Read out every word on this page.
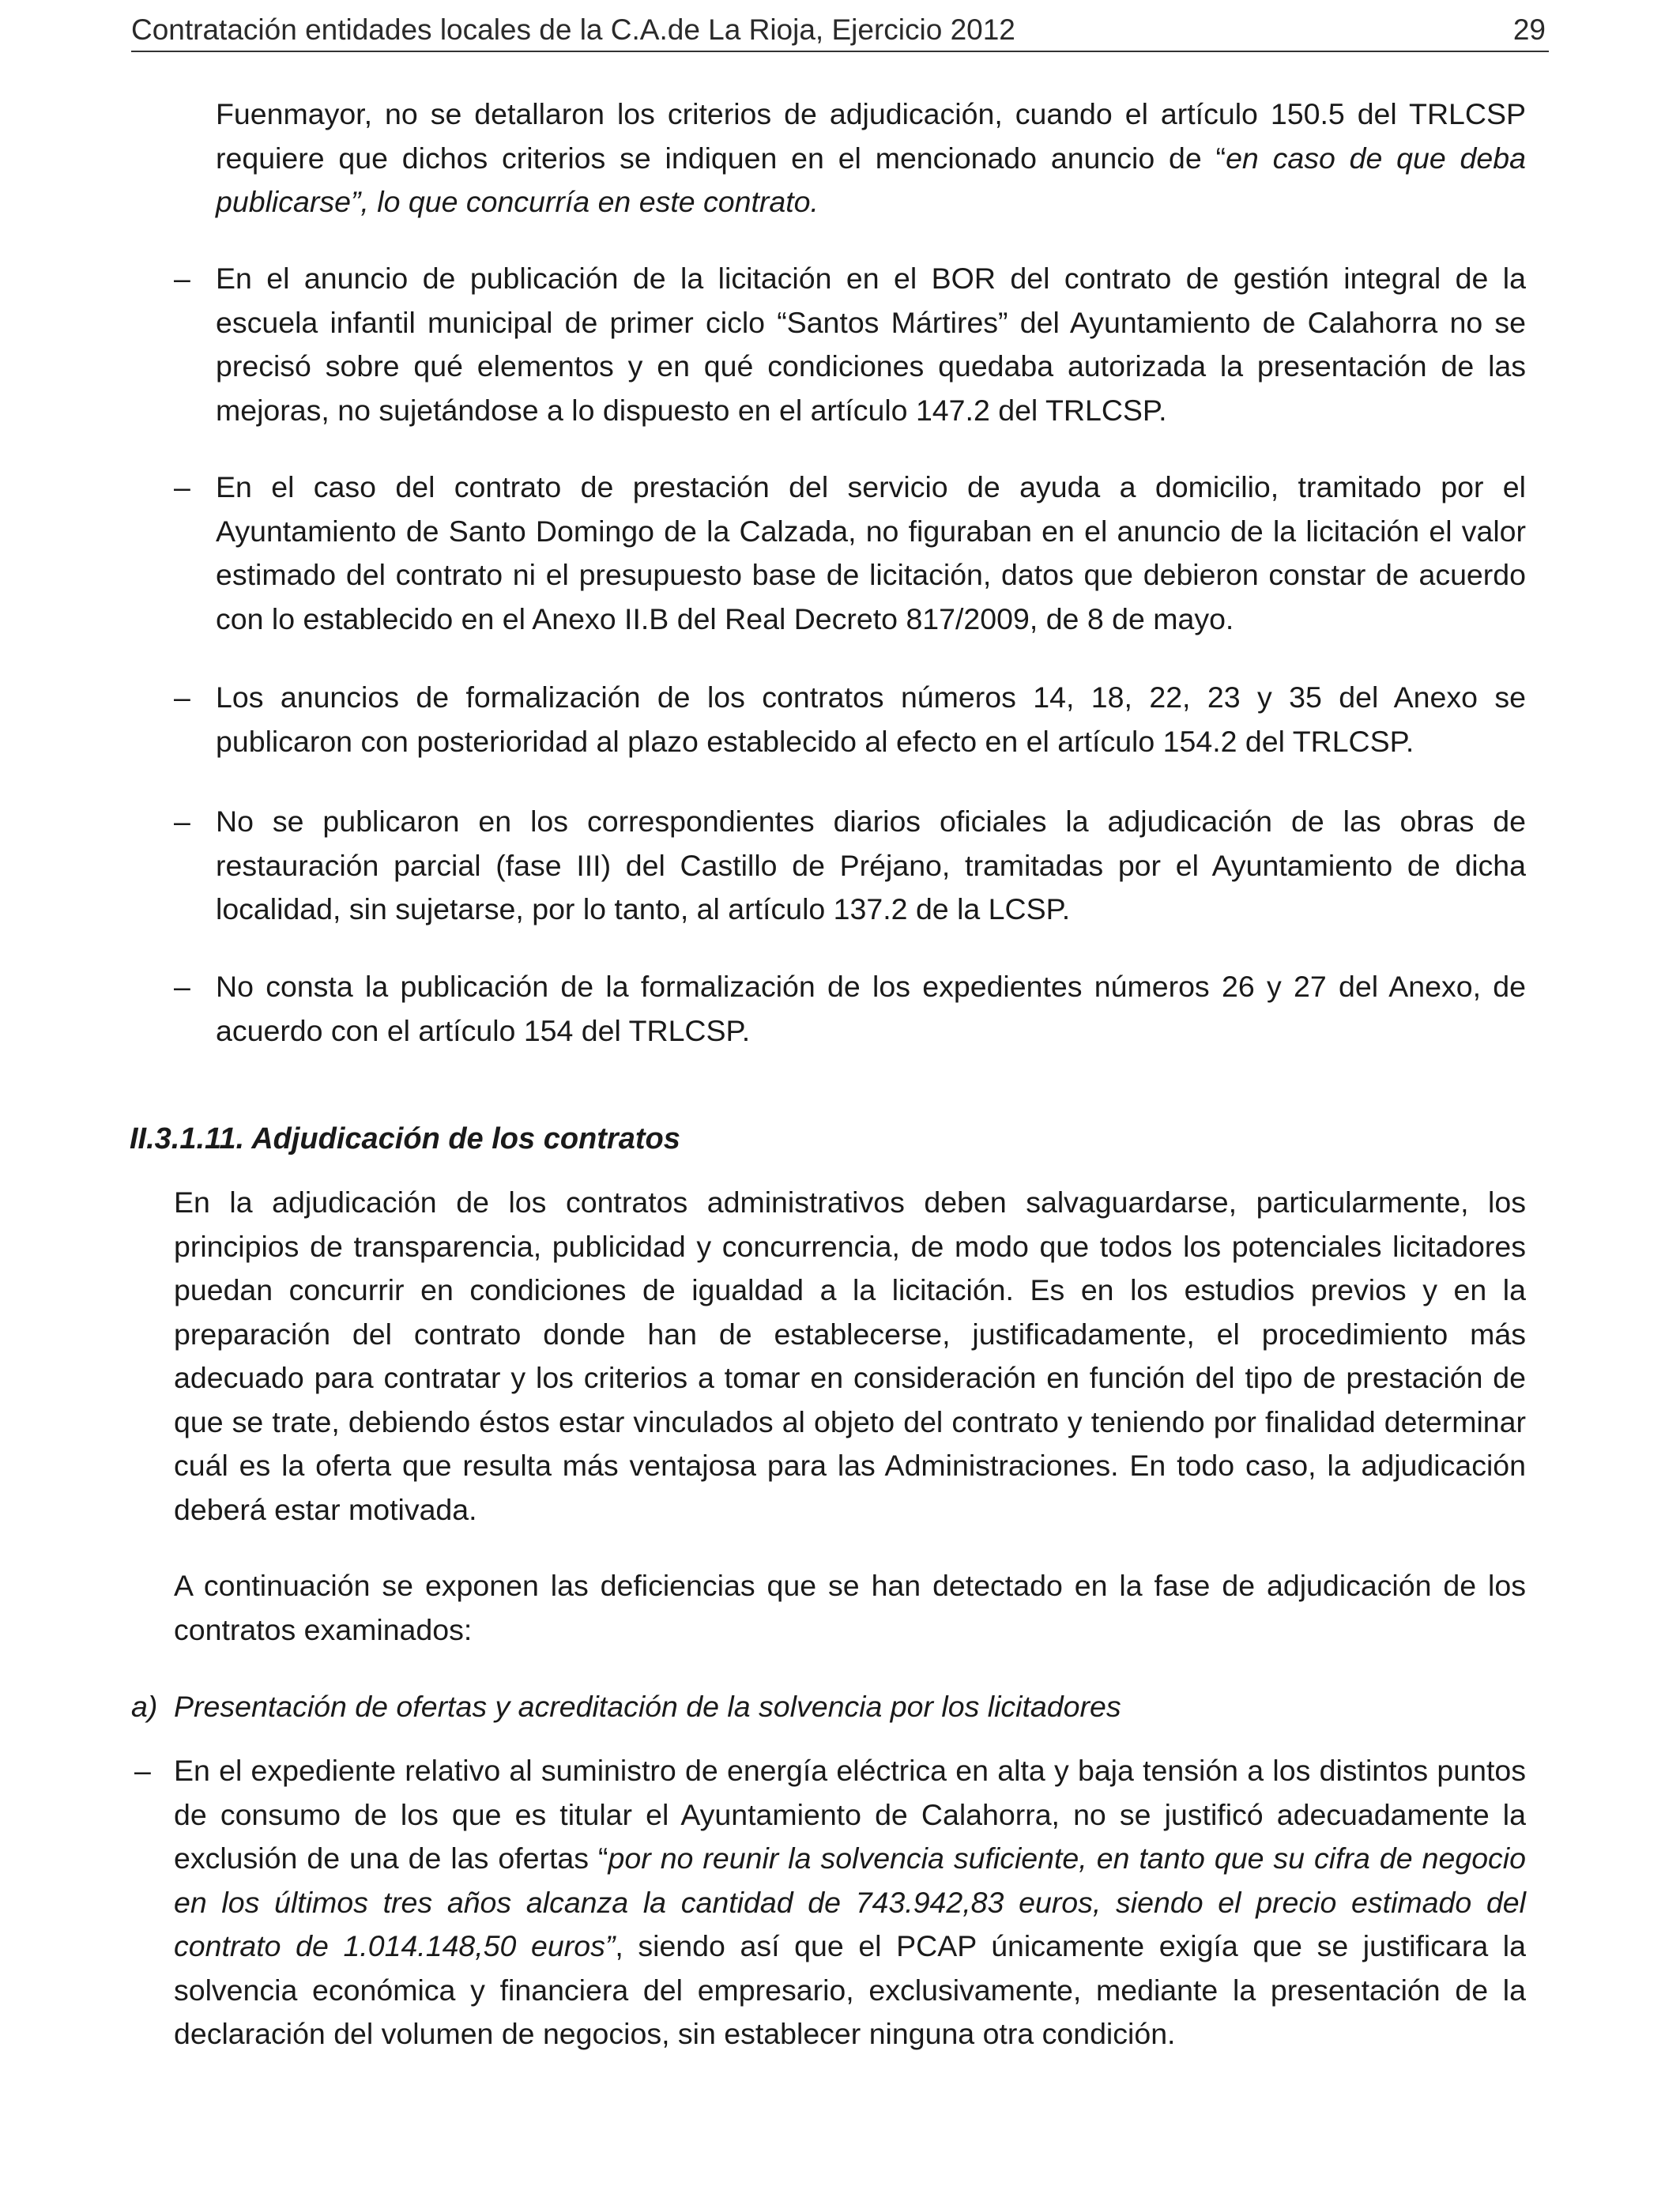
Contratación entidades locales de la C.A.de La Rioja, Ejercicio 2012	29

Fuenmayor, no se detallaron los criterios de adjudicación, cuando el artículo 150.5 del TRLCSP requiere que dichos criterios se indiquen en el mencionado anuncio de “en caso de que deba publicarse”, lo que concurría en este contrato.

– En el anuncio de publicación de la licitación en el BOR del contrato de gestión integral de la escuela infantil municipal de primer ciclo “Santos Mártires” del Ayuntamiento de Calahorra no se precisó sobre qué elementos y en qué condiciones quedaba autorizada la presentación de las mejoras, no sujetándose a lo dispuesto en el artículo 147.2 del TRLCSP.

– En el caso del contrato de prestación del servicio de ayuda a domicilio, tramitado por el Ayuntamiento de Santo Domingo de la Calzada, no figuraban en el anuncio de la licitación el valor estimado del contrato ni el presupuesto base de licitación, datos que debieron constar de acuerdo con lo establecido en el Anexo II.B del Real Decreto 817/2009, de 8 de mayo.

– Los anuncios de formalización de los contratos números 14, 18, 22, 23 y 35 del Anexo se publicaron con posterioridad al plazo establecido al efecto en el artículo 154.2 del TRLCSP.

– No se publicaron en los correspondientes diarios oficiales la adjudicación de las obras de restauración parcial (fase III) del Castillo de Préjano, tramitadas por el Ayuntamiento de dicha localidad, sin sujetarse, por lo tanto, al artículo 137.2 de la LCSP.

– No consta la publicación de la formalización de los expedientes números 26 y 27 del Anexo, de acuerdo con el artículo 154 del TRLCSP.

II.3.1.11. Adjudicación de los contratos

En la adjudicación de los contratos administrativos deben salvaguardarse, particularmente, los principios de transparencia, publicidad y concurrencia, de modo que todos los potenciales licitadores puedan concurrir en condiciones de igualdad a la licitación. Es en los estudios previos y en la preparación del contrato donde han de establecerse, justificadamente, el procedimiento más adecuado para contratar y los criterios a tomar en consideración en función del tipo de prestación de que se trate, debiendo éstos estar vinculados al objeto del contrato y teniendo por finalidad determinar cuál es la oferta que resulta más ventajosa para las Administraciones. En todo caso, la adjudicación deberá estar motivada.

A continuación se exponen las deficiencias que se han detectado en la fase de adjudicación de los contratos examinados:

a) Presentación de ofertas y acreditación de la solvencia por los licitadores

– En el expediente relativo al suministro de energía eléctrica en alta y baja tensión a los distintos puntos de consumo de los que es titular el Ayuntamiento de Calahorra, no se justificó adecuadamente la exclusión de una de las ofertas “por no reunir la solvencia suficiente, en tanto que su cifra de negocio en los últimos tres años alcanza la cantidad de 743.942,83 euros, siendo el precio estimado del contrato de 1.014.148,50 euros”, siendo así que el PCAP únicamente exigía que se justificara la solvencia económica y financiera del empresario, exclusivamente, mediante la presentación de la declaración del volumen de negocios, sin establecer ninguna otra condición.
